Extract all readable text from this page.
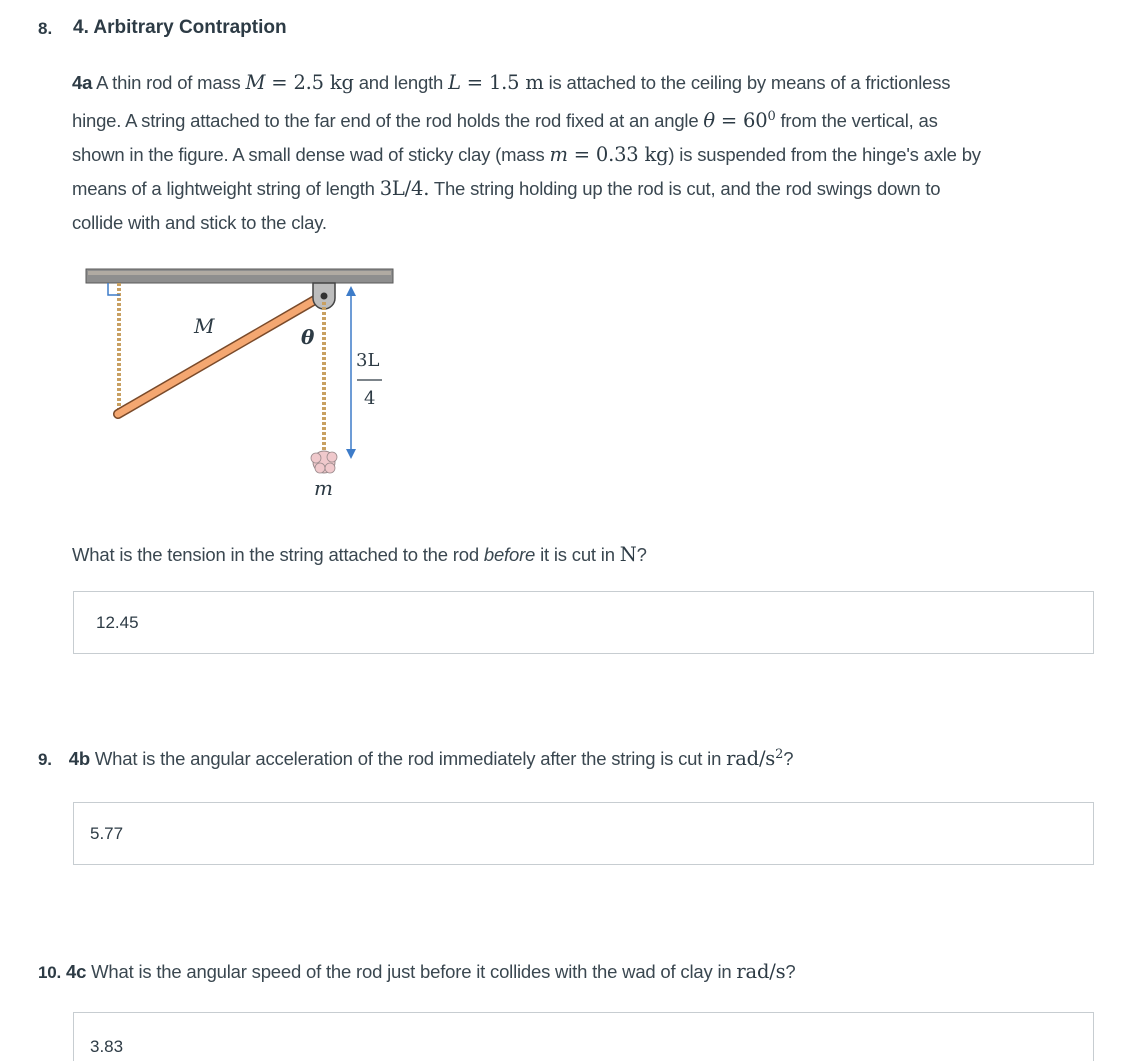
8. 4. Arbitrary Contraption
4a A thin rod of mass M = 2.5 kg and length L = 1.5 m is attached to the ceiling by means of a frictionless
hinge. A string attached to the far end of the rod holds the rod fixed at an angle $\theta = 60^0$ from the vertical, as
shown in the figure. A small dense wad of sticky clay (mass m = 0.33 kg) is suspended from the hinge's axle by
means of a lightweight string of length 3L/4. The string holding up the rod is cut, and the rod swings down to
collide with and stick to the clay.
M	θ
3L
4
m
What is the tension in the string attached to the rod before it is cut in N?
12.45
9. 4b What is the angular acceleration of the rod immediately after the string is cut in rad/$s^2$?
5.77
10. 4c What is the angular speed of the rod just before it collides with the wad of clay in rad/s?
3.83
